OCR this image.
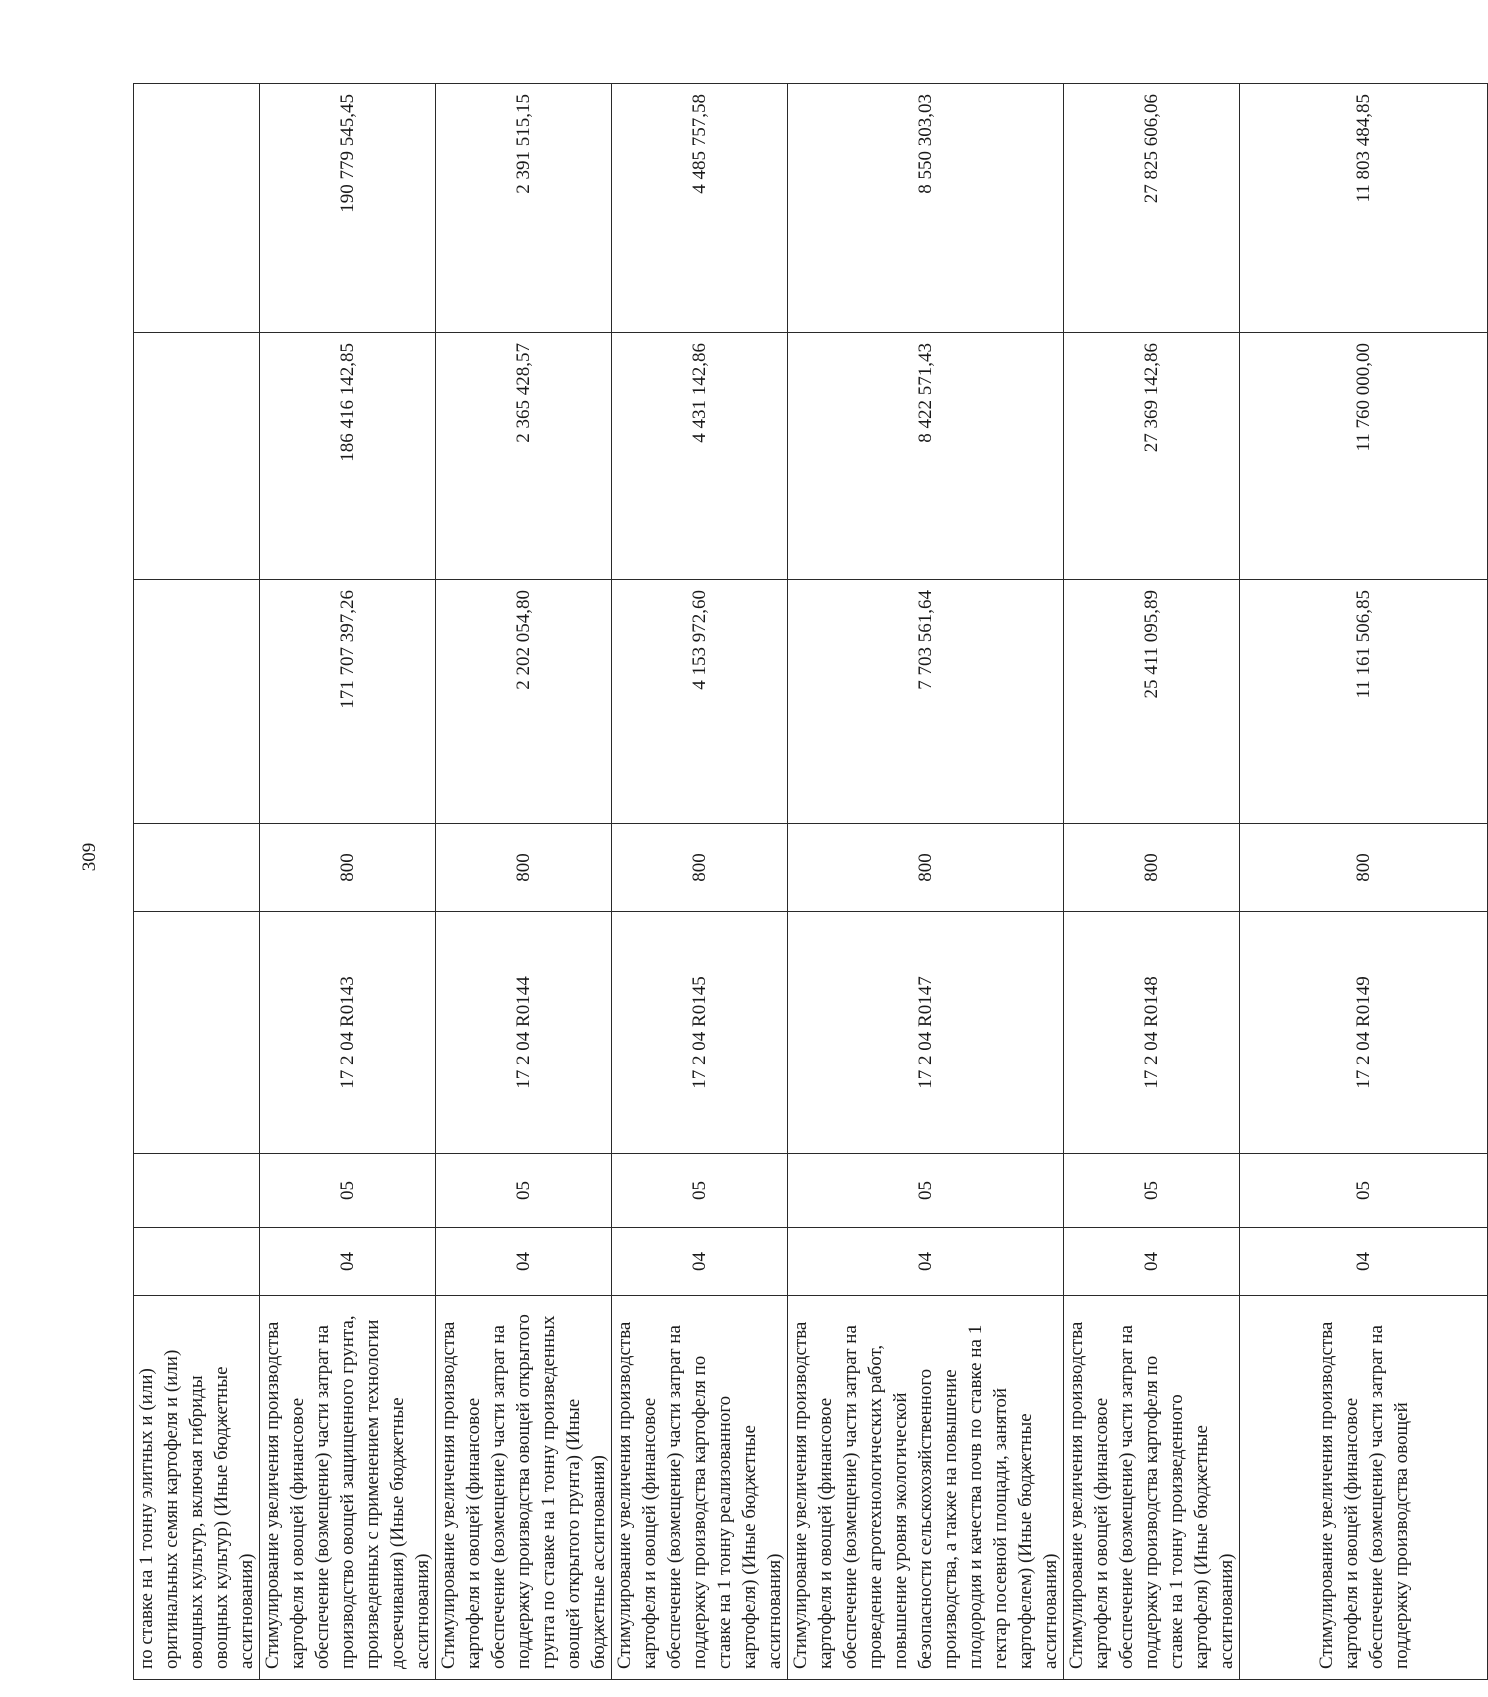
309
по ставке на 1 тонну элитных и (или) оригинальных семян картофеля и (или) овощных культур, включая гибриды овощных культур) (Иные бюджетные ассигнования)							
Стимулирование увеличения производства картофеля и овощей (финансовое обеспечение (возмещение) части затрат на производство овощей защищенного грунта, произведенных с применением технологии досвечивания) (Иные бюджетные ассигнования)	04	05	17 2 04 R0143	800	171 707 397,26	186 416 142,85	190 779 545,45
Стимулирование увеличения производства картофеля и овощей (финансовое обеспечение (возмещение) части затрат на поддержку производства овощей открытого грунта по ставке на 1 тонну произведенных овощей открытого грунта) (Иные бюджетные ассигнования)	04	05	17 2 04 R0144	800	2 202 054,80	2 365 428,57	2 391 515,15
Стимулирование увеличения производства картофеля и овощей (финансовое обеспечение (возмещение) части затрат на поддержку производства картофеля по ставке на 1 тонну реализованного картофеля) (Иные бюджетные ассигнования)	04	05	17 2 04 R0145	800	4 153 972,60	4 431 142,86	4 485 757,58
Стимулирование увеличения производства картофеля и овощей (финансовое обеспечение (возмещение) части затрат на проведение агротехнологических работ, повышение уровня экологической безопасности сельскохозяйственного производства, а также на повышение плодородия и качества почв по ставке на 1 гектар посевной площади, занятой картофелем) (Иные бюджетные ассигнования)	04	05	17 2 04 R0147	800	7 703 561,64	8 422 571,43	8 550 303,03
Стимулирование увеличения производства картофеля и овощей (финансовое обеспечение (возмещение) части затрат на поддержку производства картофеля по ставке на 1 тонну произведенного картофеля) (Иные бюджетные ассигнования)	04	05	17 2 04 R0148	800	25 411 095,89	27 369 142,86	27 825 606,06
Стимулирование увеличения производства картофеля и овощей (финансовое обеспечение (возмещение) части затрат на поддержку производства овощей	04	05	17 2 04 R0149	800	11 161 506,85	11 760 000,00	11 803 484,85
